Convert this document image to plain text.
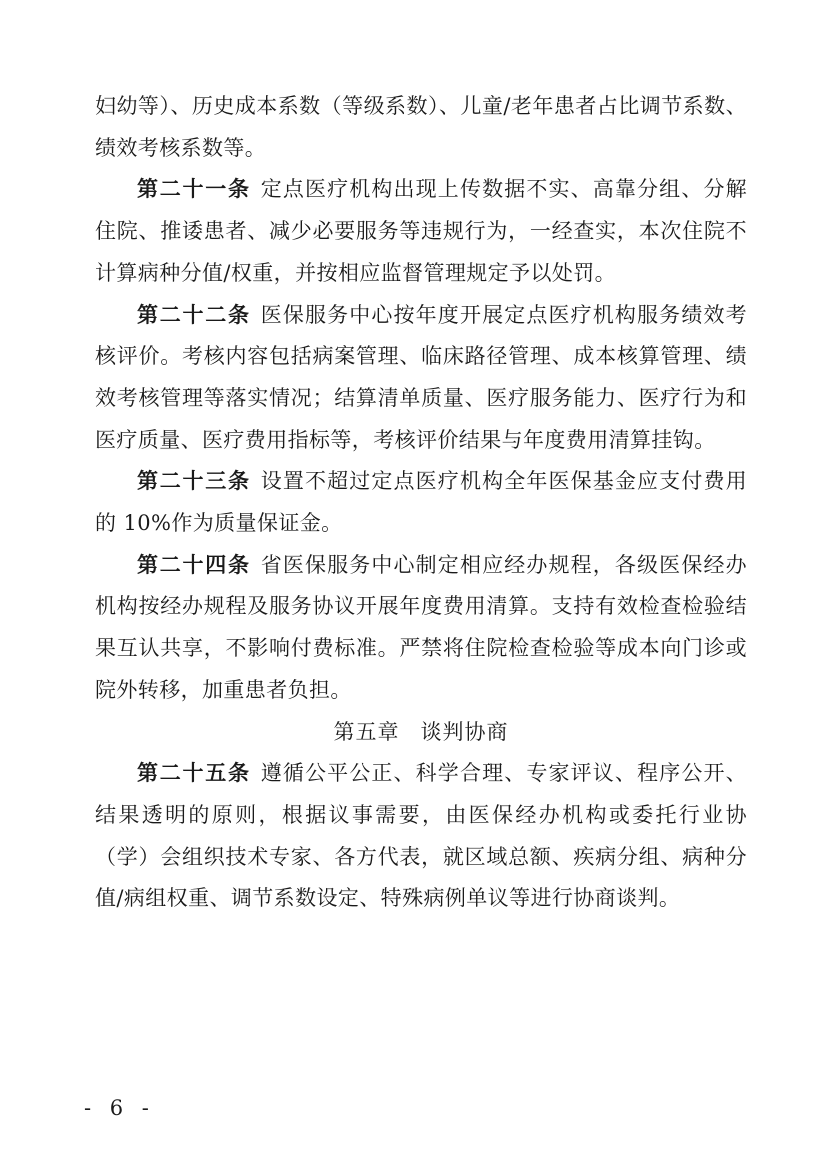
妇幼等）、历史成本系数（等级系数）、儿童/老年患者占比调节系数、绩效考核系数等。

第二十一条 定点医疗机构出现上传数据不实、高靠分组、分解住院、推诿患者、减少必要服务等违规行为，一经查实，本次住院不计算病种分值/权重，并按相应监督管理规定予以处罚。

第二十二条 医保服务中心按年度开展定点医疗机构服务绩效考核评价。考核内容包括病案管理、临床路径管理、成本核算管理、绩效考核管理等落实情况；结算清单质量、医疗服务能力、医疗行为和医疗质量、医疗费用指标等，考核评价结果与年度费用清算挂钩。

第二十三条 设置不超过定点医疗机构全年医保基金应支付费用的 10%作为质量保证金。

第二十四条 省医保服务中心制定相应经办规程，各级医保经办机构按经办规程及服务协议开展年度费用清算。支持有效检查检验结果互认共享，不影响付费标准。严禁将住院检查检验等成本向门诊或院外转移，加重患者负担。

第五章 谈判协商

第二十五条 遵循公平公正、科学合理、专家评议、程序公开、结果透明的原则，根据议事需要，由医保经办机构或委托行业协（学）会组织技术专家、各方代表，就区域总额、疾病分组、病种分值/病组权重、调节系数设定、特殊病例单议等进行协商谈判。

- 6 -
